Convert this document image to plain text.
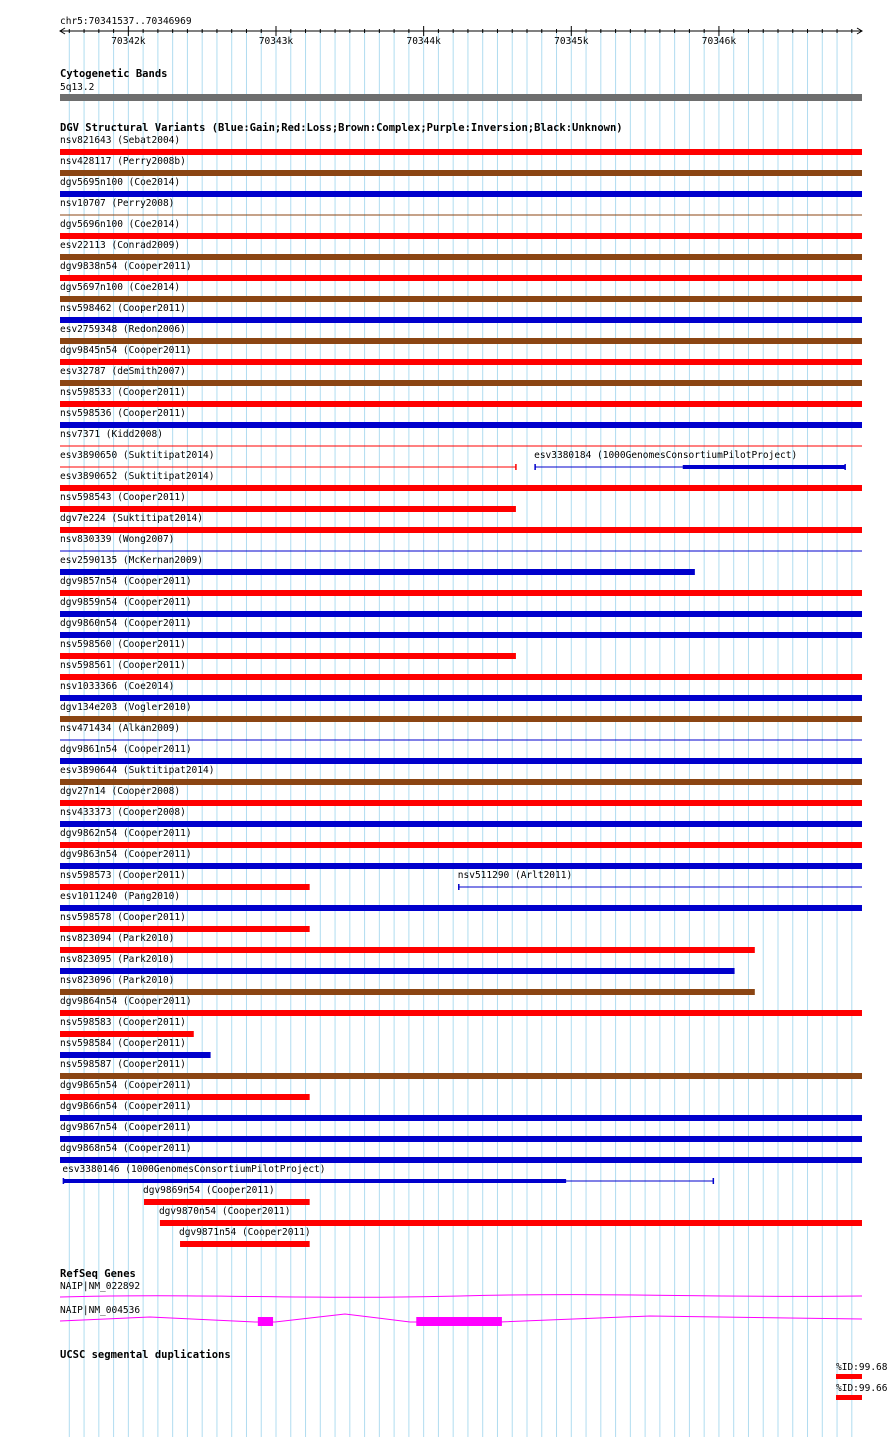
chr5:70341537..70346969
70342k	70343k	70344k	70345k	70346k
Cytogenetic Bands
5q13.2
DGV Structural Variants (Blue:Gain;Red:Loss;Brown:Complex;Purple:Inversion;Black:Unknown)
nsv821643 (Sebat2004)
nsv428117 (Perry2008b)
dgv5695n100 (Coe2014)
nsv10707 (Perry2008)
dgv5696n100 (Coe2014)
esv22113 (Conrad2009)
dgv9838n54 (Cooper2011)
dgv5697n100 (Coe2014)
nsv598462 (Cooper2011)
esv2759348 (Redon2006)
dgv9845n54 (Cooper2011)
esv32787 (deSmith2007)
nsv598533 (Cooper2011)
nsv598536 (Cooper2011)
nsv7371 (Kidd2008)
esv3890650 (Suktitipat2014)
esv3890652 (Suktitipat2014)
nsv598543 (Cooper2011)
dgv7e224 (Suktitipat2014)
nsv830339 (Wong2007)
esv2590135 (McKernan2009)
dgv9857n54 (Cooper2011)
dgv9859n54 (Cooper2011)
dgv9860n54 (Cooper2011)
nsv598560 (Cooper2011)
nsv598561 (Cooper2011)
nsv1033366 (Coe2014)
dgv134e203 (Vogler2010)
nsv471434 (Alkan2009)
dgv9861n54 (Cooper2011)
esv3890644 (Suktitipat2014)
dgv27n14 (Cooper2008)
nsv433373 (Cooper2008)
dgv9862n54 (Cooper2011)
dgv9863n54 (Cooper2011)
nsv598573 (Cooper2011)
esv1011240 (Pang2010)
nsv598578 (Cooper2011)
nsv823094 (Park2010)
nsv823095 (Park2010)
nsv823096 (Park2010)
dgv9864n54 (Cooper2011)
nsv598583 (Cooper2011)
nsv598584 (Cooper2011)
nsv598587 (Cooper2011)
dgv9865n54 (Cooper2011)
dgv9866n54 (Cooper2011)
dgv9867n54 (Cooper2011)
dgv9868n54 (Cooper2011)
esv3380184 (1000GenomesConsortiumPilotProject)
nsv511290 (Arlt2011)
esv3380146 (1000GenomesConsortiumPilotProject)
dgv9869n54 (Cooper2011)
dgv9870n54 (Cooper2011)
dgv9871n54 (Cooper2011)
RefSeq Genes
NAIP|NM_022892
NAIP|NM_004536
UCSC segmental duplications
%ID:99.68
%ID:99.66
